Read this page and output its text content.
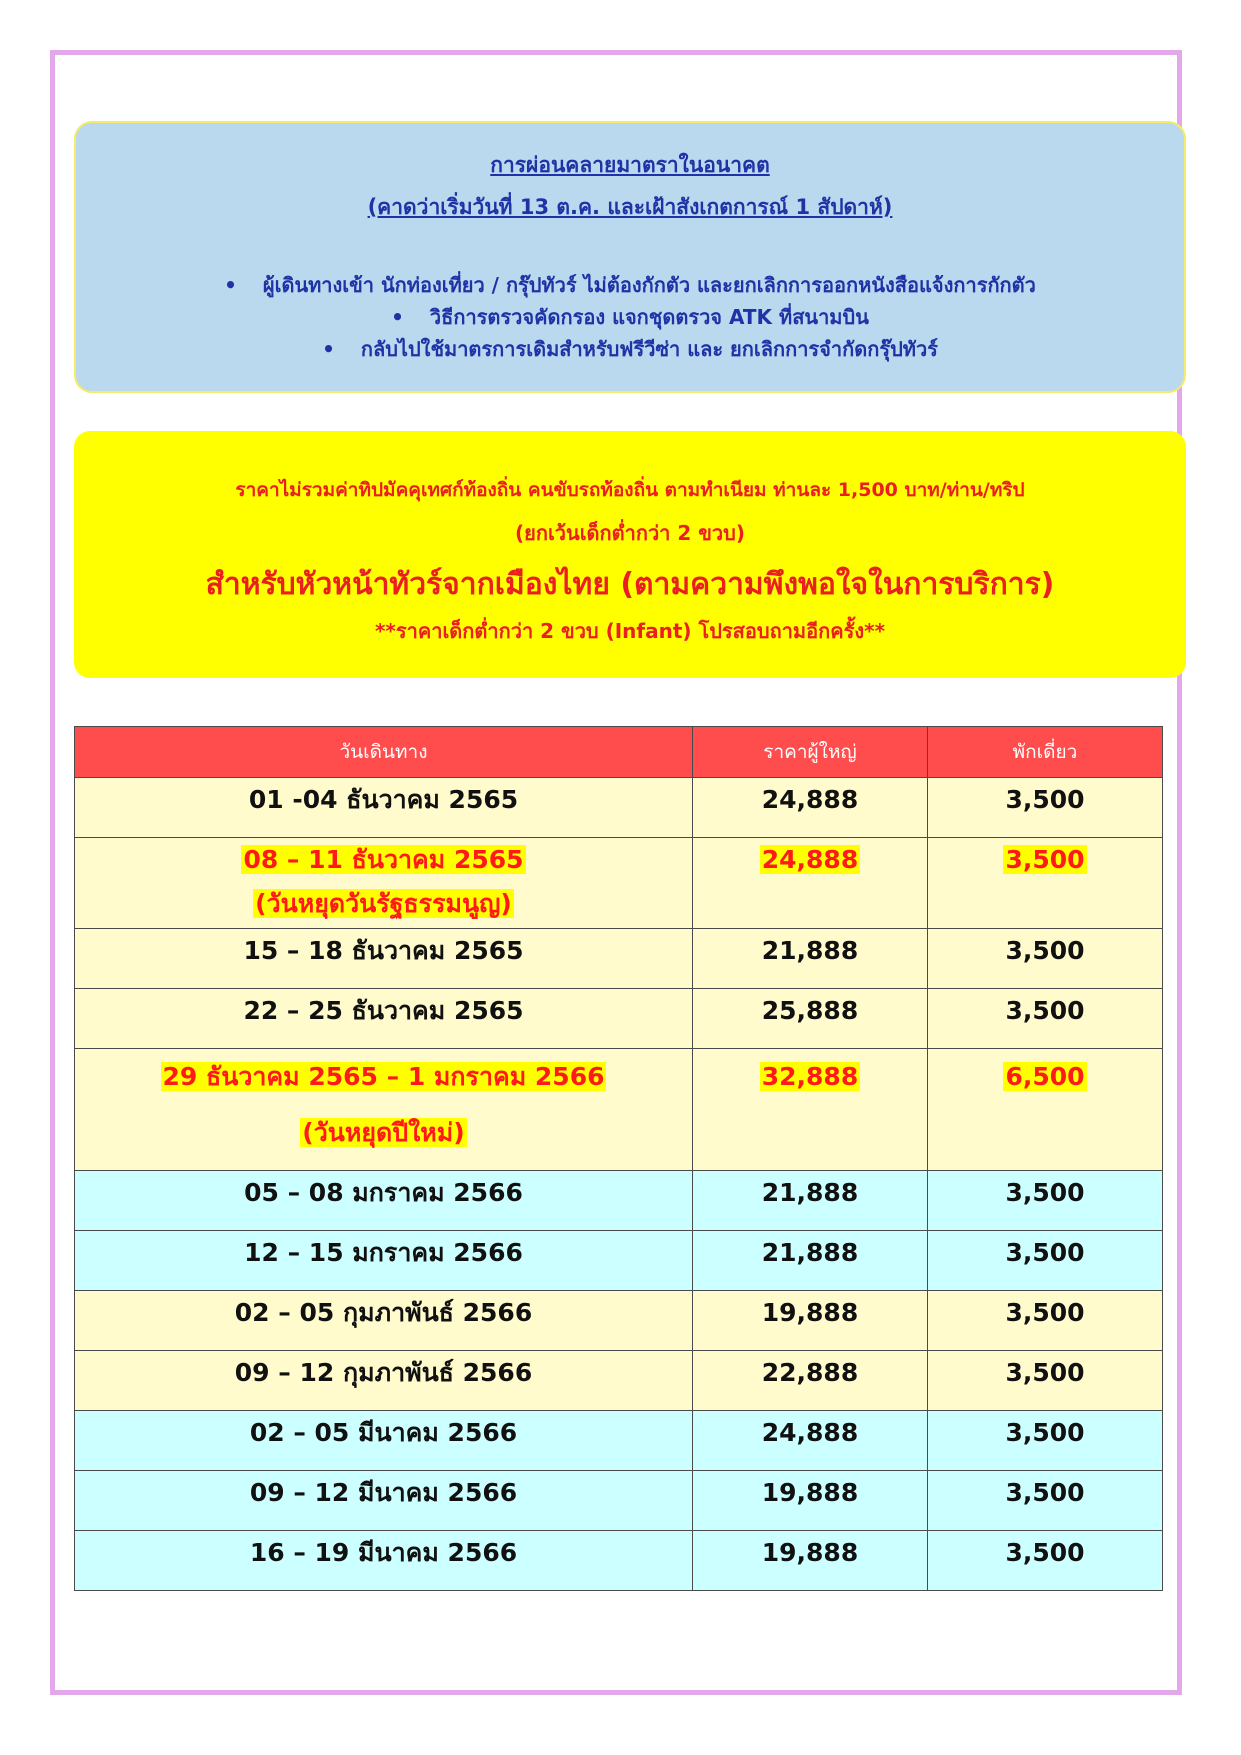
การผ่อนคลายมาตราในอนาคต
(คาดว่าเริ่มวันที่ 13 ต.ค. และเฝ้าสังเกตการณ์ 1 สัปดาห์)
• ผู้เดินทางเข้า นักท่องเที่ยว / กรุ๊ปทัวร์ ไม่ต้องกักตัว และยกเลิกการออกหนังสือแจ้งการกักตัว
• วิธีการตรวจคัดกรอง แจกชุดตรวจ ATK ที่สนามบิน
• กลับไปใช้มาตรการเดิมสำหรับฟรีวีซ่า และ ยกเลิกการจำกัดกรุ๊ปทัวร์
ราคาไม่รวมค่าทิปมัคคุเทศก์ท้องถิ่น คนขับรถท้องถิ่น ตามทำเนียม ท่านละ 1,500 บาท/ท่าน/ทริป
(ยกเว้นเด็กต่ำกว่า 2 ขวบ)
สำหรับหัวหน้าทัวร์จากเมืองไทย (ตามความพึงพอใจในการบริการ)
**ราคาเด็กต่ำกว่า 2 ขวบ (Infant) โปรสอบถามอีกครั้ง**
วันเดินทาง	ราคาผู้ใหญ่	พักเดี่ยว
01 -04 ธันวาคม 2565	24,888	3,500

08 – 11 ธันวาคม 2565
(วันหยุดวันรัฐธรรมนูญ)	24,888	3,500
15 – 18 ธันวาคม 2565	21,888	3,500
22 – 25 ธันวาคม 2565	25,888	3,500

29 ธันวาคม 2565 – 1 มกราคม 2566
(วันหยุดปีใหม่)	32,888	6,500
05 – 08 มกราคม 2566	21,888	3,500
12 – 15 มกราคม 2566	21,888	3,500
02 – 05 กุมภาพันธ์ 2566	19,888	3,500
09 – 12 กุมภาพันธ์ 2566	22,888	3,500
02 – 05 มีนาคม 2566	24,888	3,500
09 – 12 มีนาคม 2566	19,888	3,500
16 – 19 มีนาคม 2566	19,888	3,500
